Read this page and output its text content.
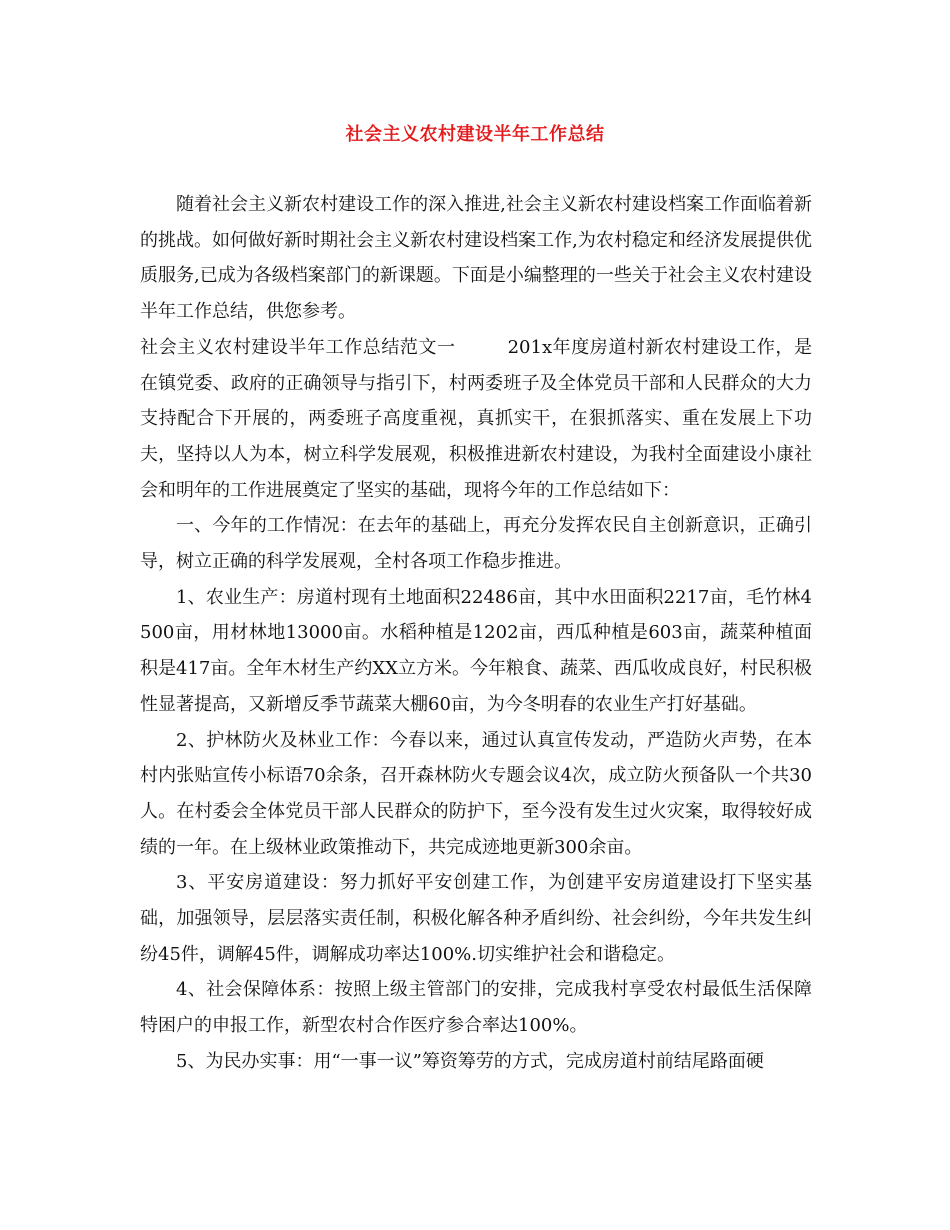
社会主义农村建设半年工作总结

随着社会主义新农村建设工作的深入推进,社会主义新农村建设档案工作面临着新的挑战。如何做好新时期社会主义新农村建设档案工作,为农村稳定和经济发展提供优质服务,已成为各级档案部门的新课题。下面是小编整理的一些关于社会主义农村建设半年工作总结，供您参考。

社会主义农村建设半年工作总结范文一	201x年度房道村新农村建设工作，是在镇党委、政府的正确领导与指引下，村两委班子及全体党员干部和人民群众的大力支持配合下开展的，两委班子高度重视，真抓实干，在狠抓落实、重在发展上下功夫，坚持以人为本，树立科学发展观，积极推进新农村建设，为我村全面建设小康社会和明年的工作进展奠定了坚实的基础，现将今年的工作总结如下：

一、今年的工作情况：在去年的基础上，再充分发挥农民自主创新意识，正确引导，树立正确的科学发展观，全村各项工作稳步推进。

1、农业生产：房道村现有土地面积22486亩，其中水田面积2217亩，毛竹林4500亩，用材林地13000亩。水稻种植是1202亩，西瓜种植是603亩，蔬菜种植面积是417亩。全年木材生产约XX立方米。今年粮食、蔬菜、西瓜收成良好，村民积极性显著提高，又新增反季节蔬菜大棚60亩，为今冬明春的农业生产打好基础。

2、护林防火及林业工作：今春以来，通过认真宣传发动，严造防火声势，在本村内张贴宣传小标语70余条，召开森林防火专题会议4次，成立防火预备队一个共30人。在村委会全体党员干部人民群众的防护下，至今没有发生过火灾案，取得较好成绩的一年。在上级林业政策推动下，共完成迹地更新300余亩。

3、平安房道建设：努力抓好平安创建工作，为创建平安房道建设打下坚实基础，加强领导，层层落实责任制，积极化解各种矛盾纠纷、社会纠纷，今年共发生纠纷45件，调解45件，调解成功率达100%.切实维护社会和谐稳定。

4、社会保障体系：按照上级主管部门的安排，完成我村享受农村最低生活保障特困户的申报工作，新型农村合作医疗参合率达100%。

5、为民办实事：用“一事一议”筹资筹劳的方式，完成房道村前结尾路面硬
